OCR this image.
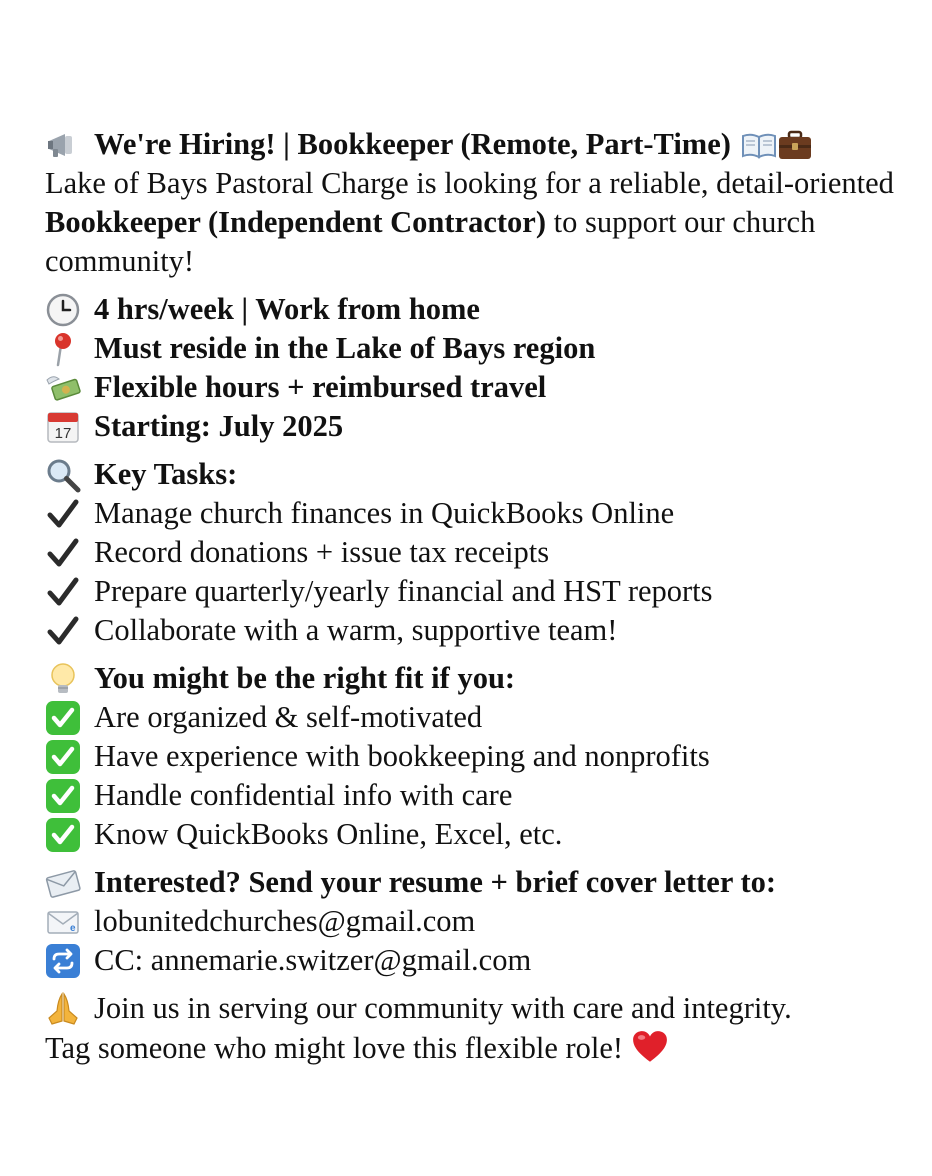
We're Hiring! | Bookkeeper (Remote, Part-Time)
Lake of Bays Pastoral Charge is looking for a reliable, detail-oriented Bookkeeper (Independent Contractor) to support our church community!
4 hrs/week | Work from home
Must reside in the Lake of Bays region
Flexible hours + reimbursed travel
17 Starting: July 2025
Key Tasks:
Manage church finances in QuickBooks Online
Record donations + issue tax receipts
Prepare quarterly/yearly financial and HST reports
Collaborate with a warm, supportive team!
You might be the right fit if you:
Are organized & self-motivated
Have experience with bookkeeping and nonprofits
Handle confidential info with care
Know QuickBooks Online, Excel, etc.
Interested? Send your resume + brief cover letter to:
e lobunitedchurches@gmail.com
CC: annemarie.switzer@gmail.com
Join us in serving our community with care and integrity.
Tag someone who might love this flexible role!
